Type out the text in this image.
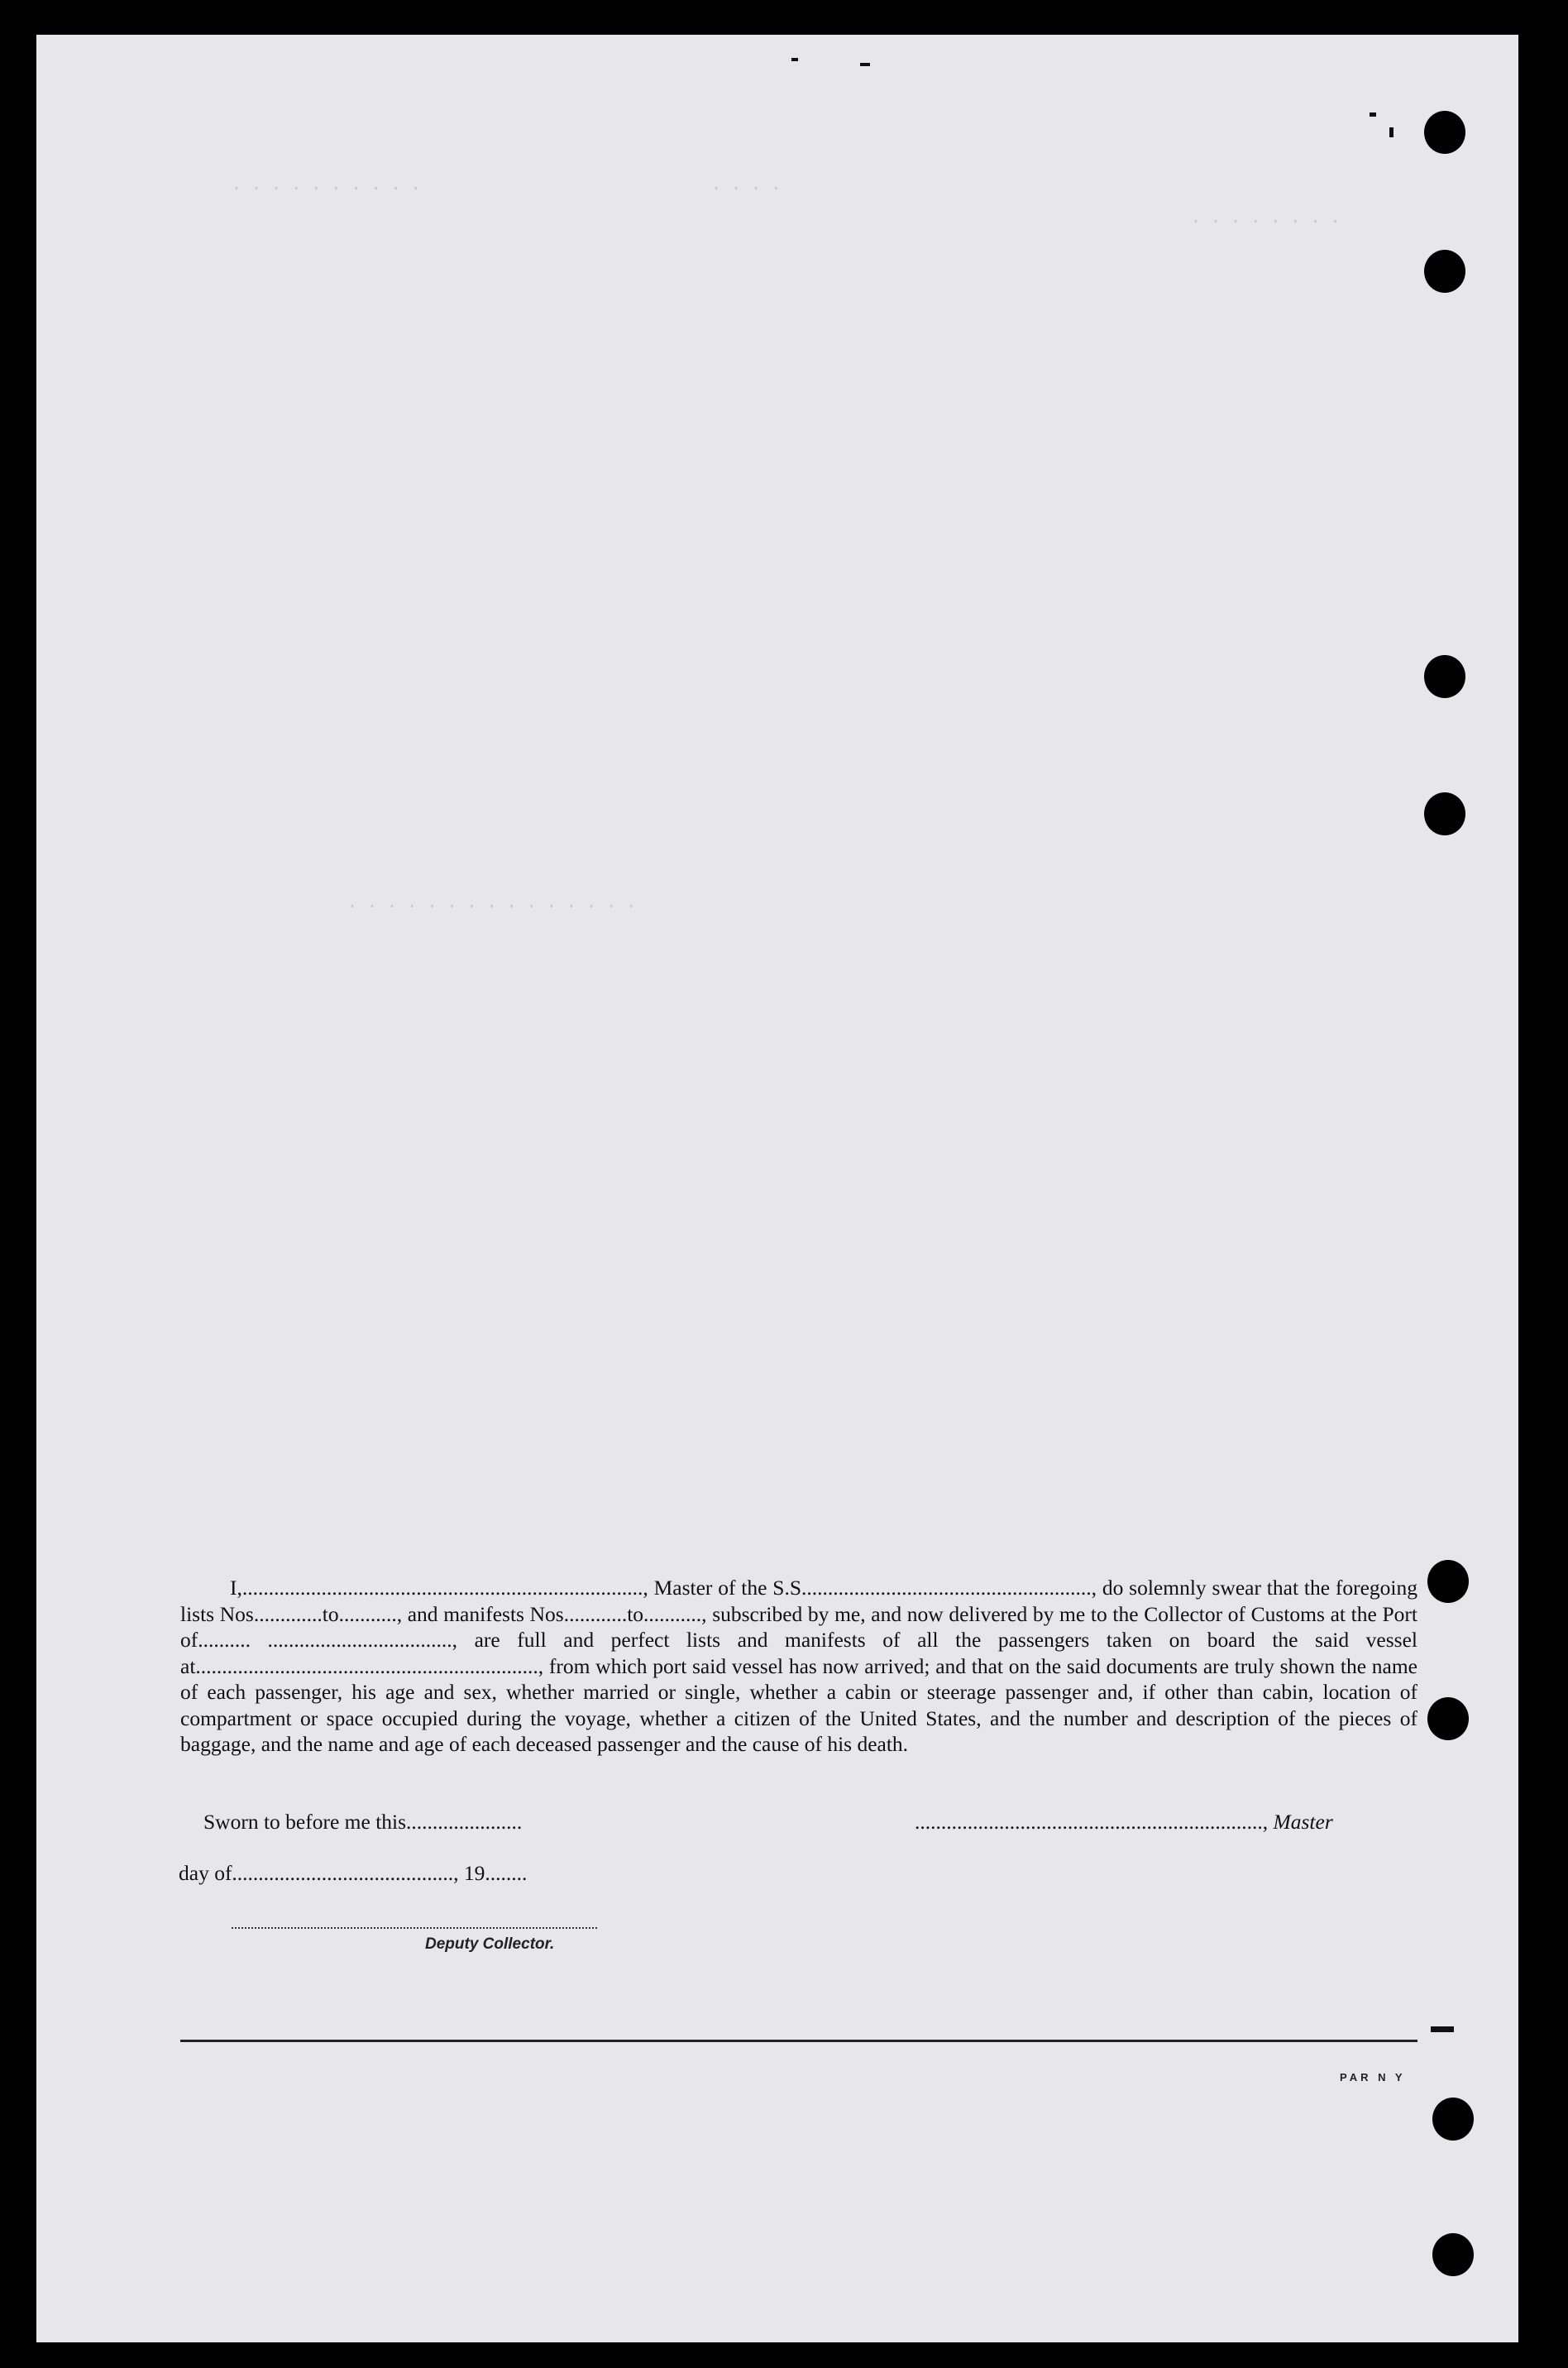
. . . . . . . . . .	. . . .
. . . . . . . .
. . . . . . . . . . . . . . .

I,............................................................................, Master of the S.S......................................................., do solemnly swear that the foregoing lists Nos.............to..........., and manifests Nos............to..........., subscribed by me, and now delivered by me to the Collector of Customs at the Port of.......... ..................................., are full and perfect lists and manifests of all the passengers taken on board the said vessel at................................................................., from which port said vessel has now arrived; and that on the said documents are truly shown the name of each passenger, his age and sex, whether married or single, whether a cabin or steerage passenger and, if other than cabin, location of compartment or space occupied during the voyage, whether a citizen of the United States, and the number and description of the pieces of baggage, and the name and age of each deceased passenger and the cause of his death.

Sworn to before me this......................	.................................................................., Master
day of.........................................., 19........
Deputy Collector.
PAR N Y
